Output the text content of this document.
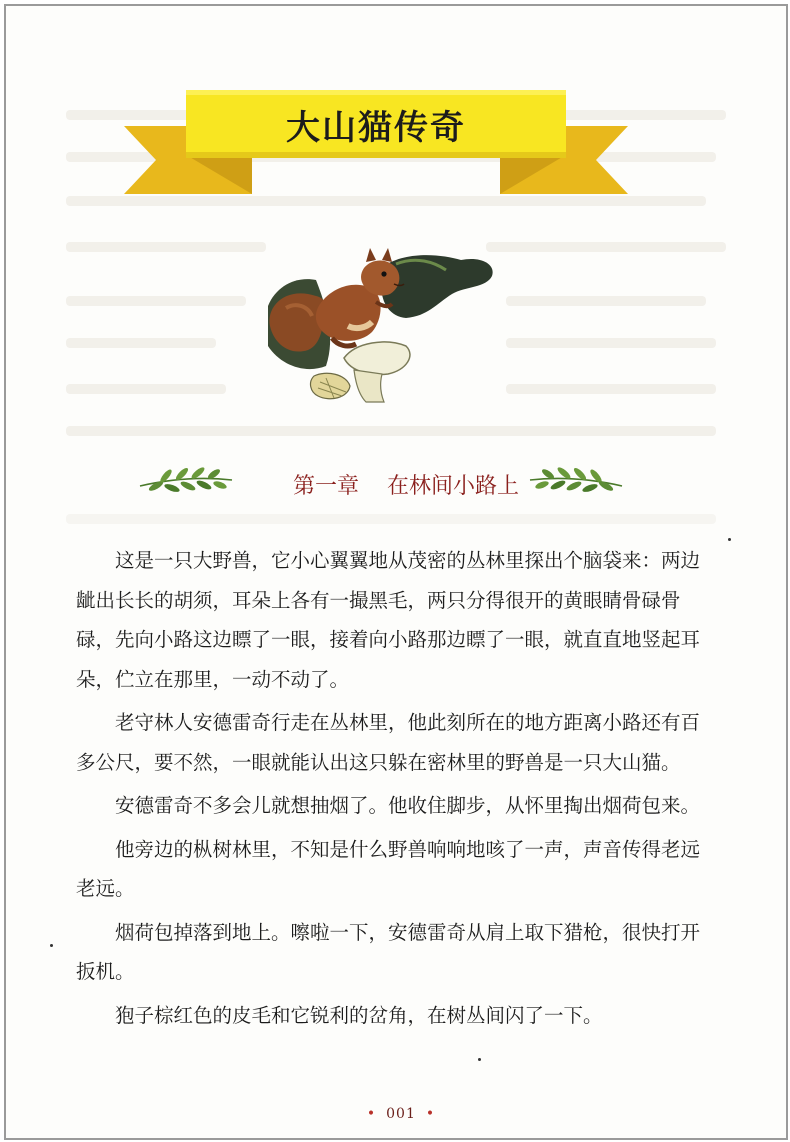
大山猫传奇
第一章 在林间小路上

　　这是一只大野兽，它小心翼翼地从茂密的丛林里探出个脑袋来：两边龇出长长的胡须，耳朵上各有一撮黑毛，两只分得很开的黄眼睛骨碌骨碌，先向小路这边瞟了一眼，接着向小路那边瞟了一眼，就直直地竖起耳朵，伫立在那里，一动不动了。

　　老守林人安德雷奇行走在丛林里，他此刻所在的地方距离小路还有百多公尺，要不然，一眼就能认出这只躲在密林里的野兽是一只大山猫。

　　安德雷奇不多会儿就想抽烟了。他收住脚步，从怀里掏出烟荷包来。

　　他旁边的枞树林里，不知是什么野兽响响地咳了一声，声音传得老远老远。

　　烟荷包掉落到地上。嚓啦一下，安德雷奇从肩上取下猎枪，很快打开扳机。

　　狍子棕红色的皮毛和它锐利的岔角，在树丛间闪了一下。

• 001 •
